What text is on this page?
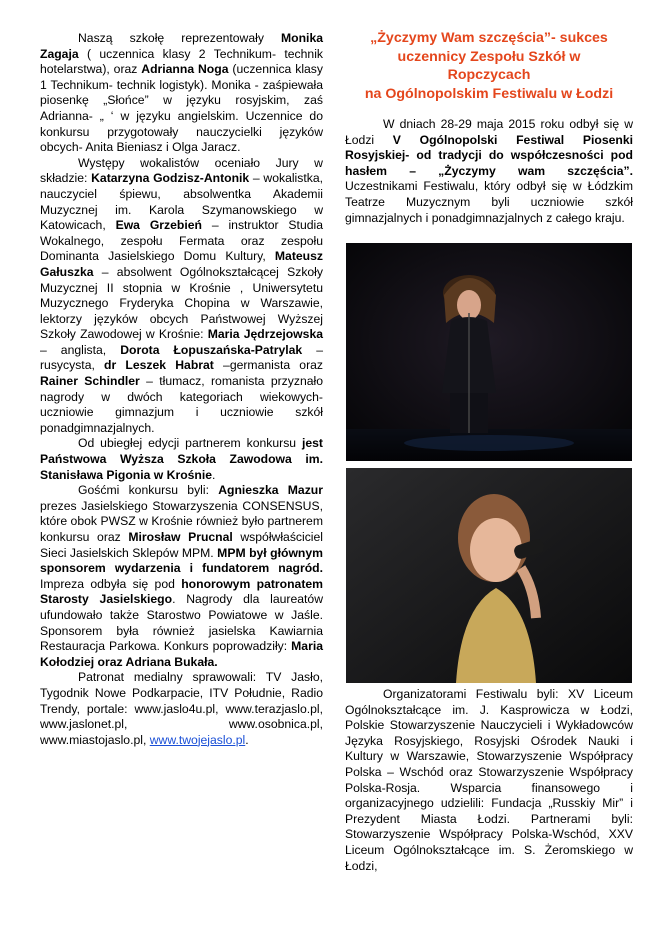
„Życzymy Wam szczęścia”- sukces
uczennicy Zespołu Szkół w
Ropczycach
na Ogólnopolskim Festiwalu w Łodzi

Naszą szkołę reprezentowały Monika Zagaja ( uczennica klasy 2 Technikum- technik hotelarstwa), oraz Adrianna Noga (uczennica klasy 1 Technikum- technik logistyk). Monika - zaśpiewała piosenkę „Słońce” w języku rosyjskim, zaś Adrianna- „ ‘ w języku angielskim. Uczennice do konkursu przygotowały nauczycielki języków obcych- Anita Bieniasz i Olga Jaracz.

Występy wokalistów oceniało Jury w składzie: Katarzyna Godzisz-Antonik – wokalistka, nauczyciel śpiewu, absolwentka Akademii Muzycznej im. Karola Szymanowskiego w Katowicach, Ewa Grzebień – instruktor Studia Wokalnego, zespołu Fermata oraz zespołu Dominanta Jasielskiego Domu Kultury, Mateusz Gałuszka – absolwent Ogólnokształcącej Szkoły Muzycznej II stopnia w Krośnie , Uniwersytetu Muzycznego Fryderyka Chopina w Warszawie, lektorzy języków obcych Państwowej Wyższej Szkoły Zawodowej w Krośnie: Maria Jędrzejowska – anglista, Dorota Łopuszańska-Patrylak – rusycysta, dr Leszek Habrat –germanista oraz Rainer Schindler – tłumacz, romanista przyznało nagrody w dwóch kategoriach wiekowych- uczniowie gimnazjum i uczniowie szkół ponadgimnazjalnych.

Od ubiegłej edycji partnerem konkursu jest Państwowa Wyższa Szkoła Zawodowa im. Stanisława Pigonia w Krośnie.

Gośćmi konkursu byli: Agnieszka Mazur prezes Jasielskiego Stowarzyszenia CONSENSUS, które obok PWSZ w Krośnie również było partnerem konkursu oraz Mirosław Prucnal współwłaściciel Sieci Jasielskich Sklepów MPM. MPM był głównym sponsorem wydarzenia i fundatorem nagród. Impreza odbyła się pod honorowym patronatem Starosty Jasielskiego. Nagrody dla laureatów ufundowało także Starostwo Powiatowe w Jaśle. Sponsorem była również jasielska Kawiarnia Restauracja Parkowa. Konkurs poprowadziły: Maria Kołodziej oraz Adriana Bukała.

Patronat medialny sprawowali: TV Jasło, Tygodnik Nowe Podkarpacie, ITV Południe, Radio Trendy, portale: www.jaslo4u.pl, www.terazjaslo.pl, www.jaslonet.pl, www.osobnica.pl, www.miastojaslo.pl, www.twojejaslo.pl.

W dniach 28-29 maja 2015 roku odbył się w Łodzi V Ogólnopolski Festiwal Piosenki Rosyjskiej- od tradycji do współczesności pod hasłem – „Życzymy wam szczęścia”. Uczestnikami Festiwalu, który odbył się w Łódzkim Teatrze Muzycznym byli uczniowie szkół gimnazjalnych i ponadgimnazjalnych z całego kraju.

Organizatorami Festiwalu byli: XV Liceum Ogólnokształcące im. J. Kasprowicza w Łodzi, Polskie Stowarzyszenie Nauczycieli i Wykładowców Języka Rosyjskiego, Rosyjski Ośrodek Nauki i Kultury w Warszawie, Stowarzyszenie Współpracy Polska – Wschód oraz Stowarzyszenie Współpracy Polska-Rosja. Wsparcia finansowego i organizacyjnego udzielili: Fundacja „Russkiy Mir” i Prezydent Miasta Łodzi. Partnerami byli: Stowarzyszenie Współpracy Polska-Wschód, XXV Liceum Ogólnokształcące im. S. Żeromskiego w Łodzi,
